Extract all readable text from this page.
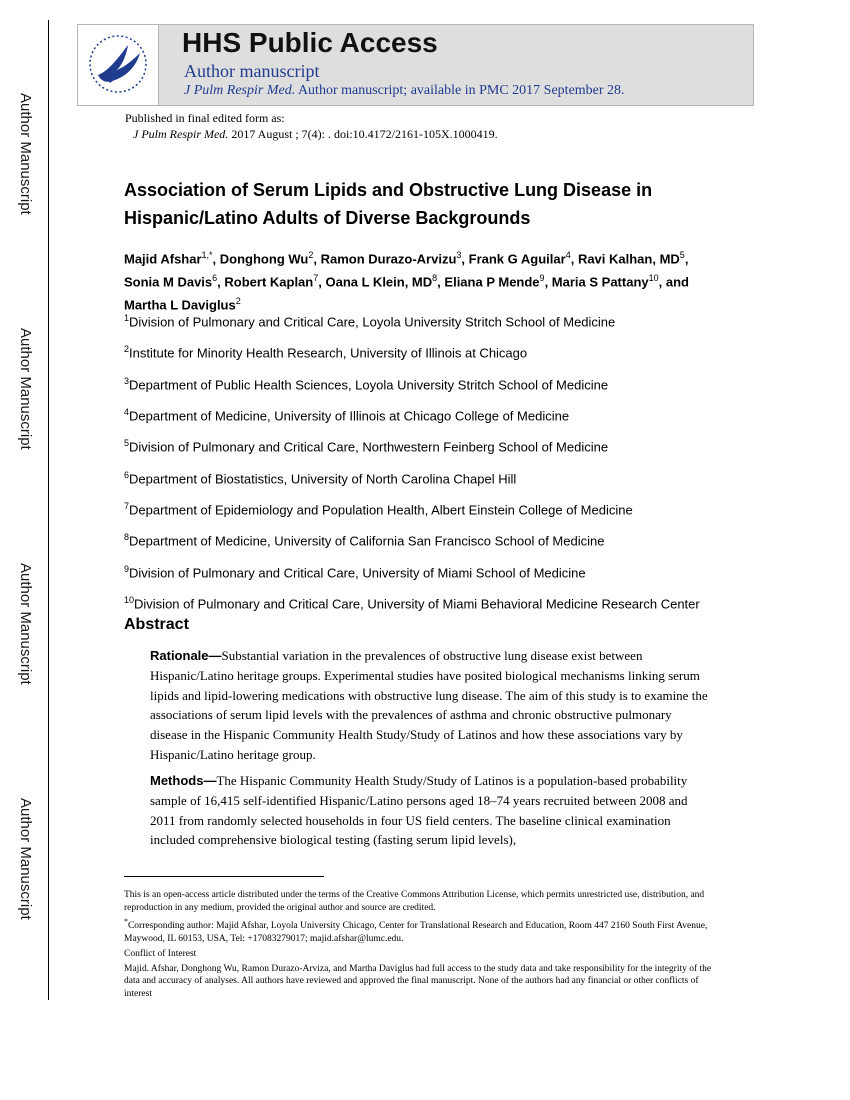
Author Manuscript
Author Manuscript
Author Manuscript
Author Manuscript
HHS Public Access
Author manuscript
J Pulm Respir Med. Author manuscript; available in PMC 2017 September 28.
Published in final edited form as:
J Pulm Respir Med. 2017 August ; 7(4): . doi:10.4172/2161-105X.1000419.
Association of Serum Lipids and Obstructive Lung Disease in Hispanic/Latino Adults of Diverse Backgrounds
Majid Afshar$^{1,*}$, Donghong Wu$^2$, Ramon Durazo-Arvizu$^3$, Frank G Aguilar$^4$, Ravi Kalhan, $MD^5$, Sonia M Davis$^6$, Robert Kaplan$^7$, Oana L Klein, $MD^8$, Eliana P Mende$^9$, Maria S Pattany$^{10}$, and Martha L Daviglus$^2$
$^1$Division of Pulmonary and Critical Care, Loyola University Stritch School of Medicine
$^2$Institute for Minority Health Research, University of Illinois at Chicago
$^3$Department of Public Health Sciences, Loyola University Stritch School of Medicine
$^4$Department of Medicine, University of Illinois at Chicago College of Medicine
$^5$Division of Pulmonary and Critical Care, Northwestern Feinberg School of Medicine
$^6$Department of Biostatistics, University of North Carolina Chapel Hill
$^7$Department of Epidemiology and Population Health, Albert Einstein College of Medicine
$^8$Department of Medicine, University of California San Francisco School of Medicine
$^9$Division of Pulmonary and Critical Care, University of Miami School of Medicine
$^{10}$Division of Pulmonary and Critical Care, University of Miami Behavioral Medicine Research Center
Abstract
Rationale—Substantial variation in the prevalences of obstructive lung disease exist between Hispanic/Latino heritage groups. Experimental studies have posited biological mechanisms linking serum lipids and lipid-lowering medications with obstructive lung disease. The aim of this study is to examine the associations of serum lipid levels with the prevalences of asthma and chronic obstructive pulmonary disease in the Hispanic Community Health Study/Study of Latinos and how these associations vary by Hispanic/Latino heritage group.
Methods—The Hispanic Community Health Study/Study of Latinos is a population-based probability sample of 16,415 self-identified Hispanic/Latino persons aged 18–74 years recruited between 2008 and 2011 from randomly selected households in four US field centers. The baseline clinical examination included comprehensive biological testing (fasting serum lipid levels),

This is an open-access article distributed under the terms of the Creative Commons Attribution License, which permits unrestricted use, distribution, and reproduction in any medium, provided the original author and source are credited.

*Corresponding author: Majid Afshar, Loyola University Chicago, Center for Translational Research and Education, Room 447 2160 South First Avenue, Maywood, IL 60153, USA, Tel: +17083279017; majid.afshar@lumc.edu.

Conflict of Interest

Majid. Afshar, Donghong Wu, Ramon Durazo-Arviza, and Martha Daviglus had full access to the study data and take responsibility for the integrity of the data and accuracy of analyses. All authors have reviewed and approved the final manuscript. None of the authors had any financial or other conflicts of interest
